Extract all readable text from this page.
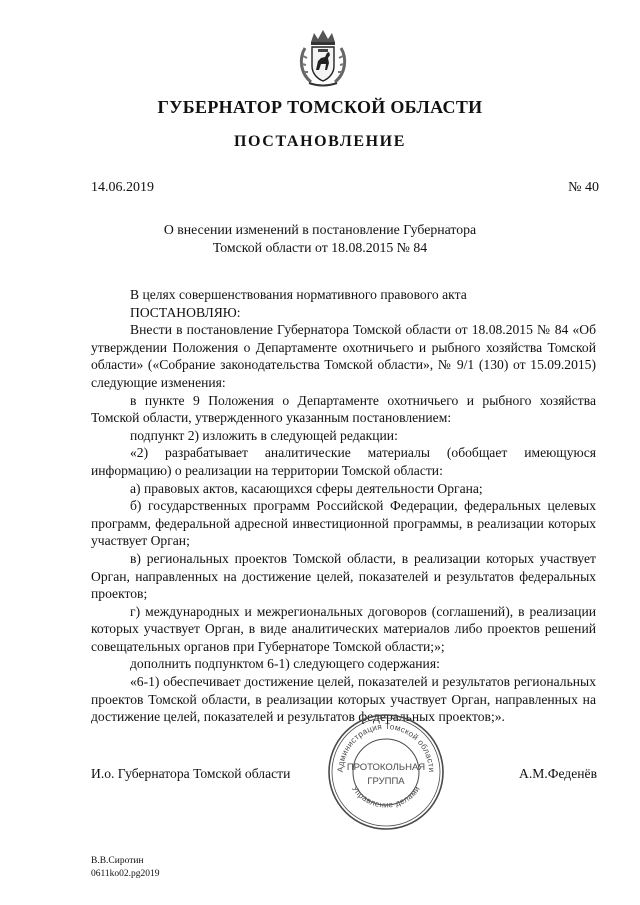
ГУБЕРНАТОР ТОМСКОЙ ОБЛАСТИ
ПОСТАНОВЛЕНИЕ
14.06.2019	№ 40
О внесении изменений в постановление Губернатора
Томской области от 18.08.2015 № 84

В целях совершенствования нормативного правового акта

ПОСТАНОВЛЯЮ:

Внести в постановление Губернатора Томской области от 18.08.2015 № 84 «Об утверждении Положения о Департаменте охотничьего и рыбного хозяйства Томской области» («Собрание законодательства Томской области», № 9/1 (130) от 15.09.2015) следующие изменения:

в пункте 9 Положения о Департаменте охотничьего и рыбного хозяйства Томской области, утвержденного указанным постановлением:

подпункт 2) изложить в следующей редакции:

«2) разрабатывает аналитические материалы (обобщает имеющуюся информацию) о реализации на территории Томской области:

а) правовых актов, касающихся сферы деятельности Органа;

б) государственных программ Российской Федерации, федеральных целевых программ, федеральной адресной инвестиционной программы, в реализации которых участвует Орган;

в) региональных проектов Томской области, в реализации которых участвует Орган, направленных на достижение целей, показателей и результатов федеральных проектов;

г) международных и межрегиональных договоров (соглашений), в реализации которых участвует Орган, в виде аналитических материалов либо проектов решений совещательных органов при Губернаторе Томской области;»;

дополнить подпунктом 6-1) следующего содержания:

«6-1) обеспечивает достижение целей, показателей и результатов региональных проектов Томской области, в реализации которых участвует Орган, направленных на достижение целей, показателей и результатов федеральных проектов;».

И.о. Губернатора Томской области	А.М.Феденёв
Администрация Томской области
Управление делами
ПРОТОКОЛЬНАЯ
ГРУППА
В.В.Сиротин
0611ko02.pg2019
